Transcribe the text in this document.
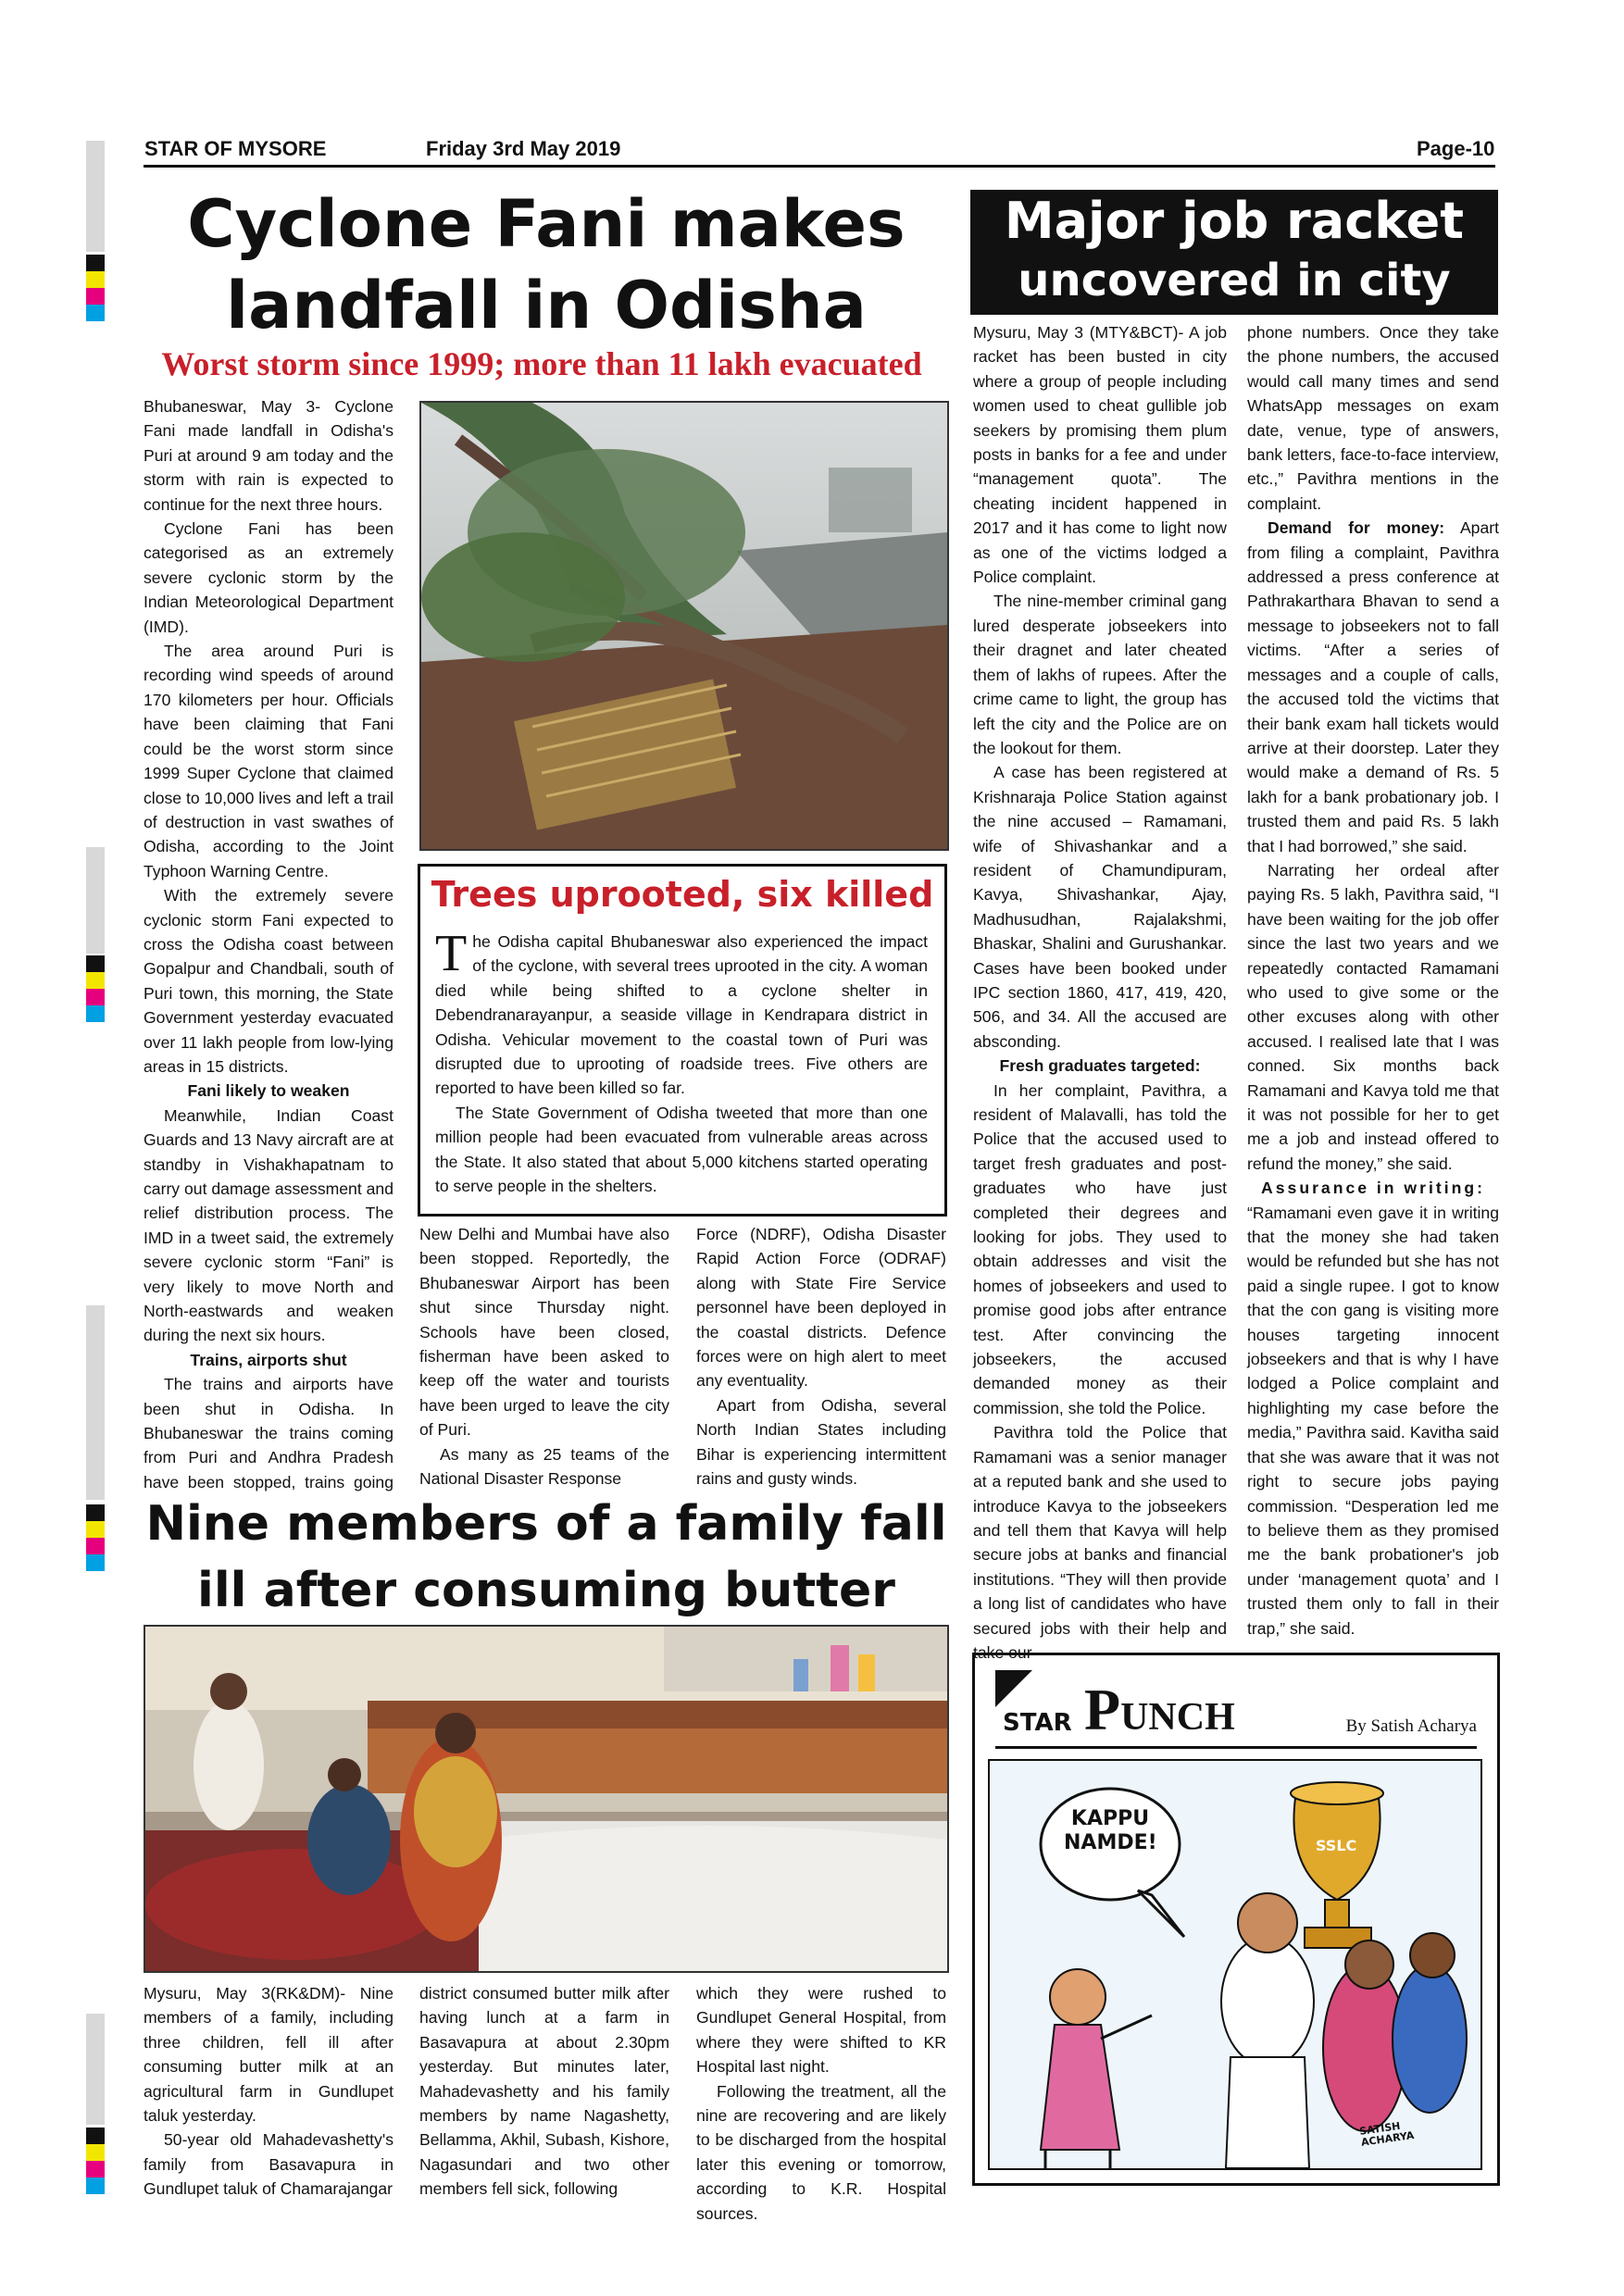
STAR OF MYSORE	Friday 3rd May 2019	Page-10
Cyclone Fani makes
landfall in Odisha
Worst storm since 1999; more than 11 lakh evacuated

Bhubaneswar, May 3- Cyclone Fani made landfall in Odisha's Puri at around 9 am today and the storm with rain is expected to continue for the next three hours.

Cyclone Fani has been categorised as an extremely severe cyclonic storm by the Indian Meteorological Department (IMD).

The area around Puri is recording wind speeds of around 170 kilometers per hour. Officials have been claiming that Fani could be the worst storm since 1999 Super Cyclone that claimed close to 10,000 lives and left a trail of destruction in vast swathes of Odisha, according to the Joint Typhoon Warning Centre.

With the extremely severe cyclonic storm Fani expected to cross the Odisha coast between Gopalpur and Chandbali, south of Puri town, this morning, the State Government yesterday evacuated over 11 lakh people from low-lying areas in 15 districts.

Fani likely to weaken

Meanwhile, Indian Coast Guards and 13 Navy aircraft are at standby in Vishakhapatnam to carry out damage assessment and relief distribution process. The IMD in a tweet said, the extremely severe cyclonic storm “Fani” is very likely to move North and North-eastwards and weaken during the next six hours.

Trains, airports shut

The trains and airports have been shut in Odisha. In Bhubaneswar the trains coming from Puri and Andhra Pradesh have been stopped, trains going

Trees uprooted, six killed

The Odisha capital Bhubaneswar also experienced the impact of the cyclone, with several trees uprooted in the city. A woman died while being shifted to a cyclone shelter in Debendranarayanpur, a seaside village in Kendrapara district in Odisha. Vehicular movement to the coastal town of Puri was disrupted due to uprooting of roadside trees. Five others are reported to have been killed so far.

The State Government of Odisha tweeted that more than one million people had been evacuated from vulnerable areas across the State. It also stated that about 5,000 kitchens started operating to serve people in the shelters.

New Delhi and Mumbai have also been stopped. Reportedly, the Bhubaneswar Airport has been shut since Thursday night. Schools have been closed, fisherman have been asked to keep off the water and tourists have been urged to leave the city of Puri.

As many as 25 teams of the National Disaster Response

Force (NDRF), Odisha Disaster Rapid Action Force (ODRAF) along with State Fire Service personnel have been deployed in the coastal districts. Defence forces were on high alert to meet any eventuality.

Apart from Odisha, several North Indian States including Bihar is experiencing intermittent rains and gusty winds.

Nine members of a family fall
ill after consuming butter

Mysuru, May 3(RK&DM)- Nine members of a family, including three children, fell ill after consuming butter milk at an agricultural farm in Gundlupet taluk yesterday.

50-year old Mahadevashetty's family from Basavapura in Gundlupet taluk of Chamarajangar

district consumed butter milk after having lunch at a farm in Basavapura at about 2.30pm yesterday. But minutes later, Mahadevashetty and his family members by name Nagashetty, Bellamma, Akhil, Subash, Kishore, Nagasundari and two other members fell sick, following

which they were rushed to Gundlupet General Hospital, from where they were shifted to KR Hospital last night.

Following the treatment, all the nine are recovering and are likely to be discharged from the hospital later this evening or tomorrow, according to K.R. Hospital sources.

Major job racket
uncovered in city

Mysuru, May 3 (MTY&BCT)- A job racket has been busted in city where a group of people including women used to cheat gullible job seekers by promising them plum posts in banks for a fee and under “management quota”. The cheating incident happened in 2017 and it has come to light now as one of the victims lodged a Police complaint.

The nine-member criminal gang lured desperate jobseekers into their dragnet and later cheated them of lakhs of rupees. After the crime came to light, the group has left the city and the Police are on the lookout for them.

A case has been registered at Krishnaraja Police Station against the nine accused – Ramamani, wife of Shivashankar and a resident of Chamundipuram, Kavya, Shivashankar, Ajay, Madhusudhan, Rajalakshmi, Bhaskar, Shalini and Gurushankar. Cases have been booked under IPC section 1860, 417, 419, 420, 506, and 34. All the accused are absconding.

Fresh graduates targeted:

In her complaint, Pavithra, a resident of Malavalli, has told the Police that the accused used to target fresh graduates and post-graduates who have just completed their degrees and looking for jobs. They used to obtain addresses and visit the homes of jobseekers and used to promise good jobs after entrance test. After convincing the jobseekers, the accused demanded money as their commission, she told the Police.

Pavithra told the Police that Ramamani was a senior manager at a reputed bank and she used to introduce Kavya to the jobseekers and tell them that Kavya will help secure jobs at banks and financial institutions. “They will then provide a long list of candidates who have secured jobs with their help and take our

phone numbers. Once they take the phone numbers, the accused would call many times and send WhatsApp messages on exam date, venue, type of answers, bank letters, face-to-face interview, etc.,” Pavithra mentions in the complaint.

Demand for money: Apart from filing a complaint, Pavithra addressed a press conference at Pathrakarthara Bhavan to send a message to jobseekers not to fall victims. “After a series of messages and a couple of calls, the accused told the victims that their bank exam hall tickets would arrive at their doorstep. Later they would make a demand of Rs. 5 lakh for a bank probationary job. I trusted them and paid Rs. 5 lakh that I had borrowed,” she said.

Narrating her ordeal after paying Rs. 5 lakh, Pavithra said, “I have been waiting for the job offer since the last two years and we repeatedly contacted Ramamani who used to give some or the other excuses along with other accused. I realised late that I was conned. Six months back Ramamani and Kavya told me that it was not possible for her to get me a job and instead offered to refund the money,” she said.

Assurance in writing:

“Ramamani even gave it in writing that the money she had taken would be refunded but she has not paid a single rupee. I got to know that the con gang is visiting more houses targeting innocent jobseekers and that is why I have lodged a Police complaint and highlighting my case before the media,” Pavithra said. Kavitha said that she was aware that it was not right to secure jobs paying commission. “Desperation led me to believe them as they promised me the bank probationer's job under ‘management quota’ and I trusted them only to fall in their trap,” she said.

STAR PUNCH	By Satish Acharya
KAPPU NAMDE!	SSLC
SATISH ACHARYA
